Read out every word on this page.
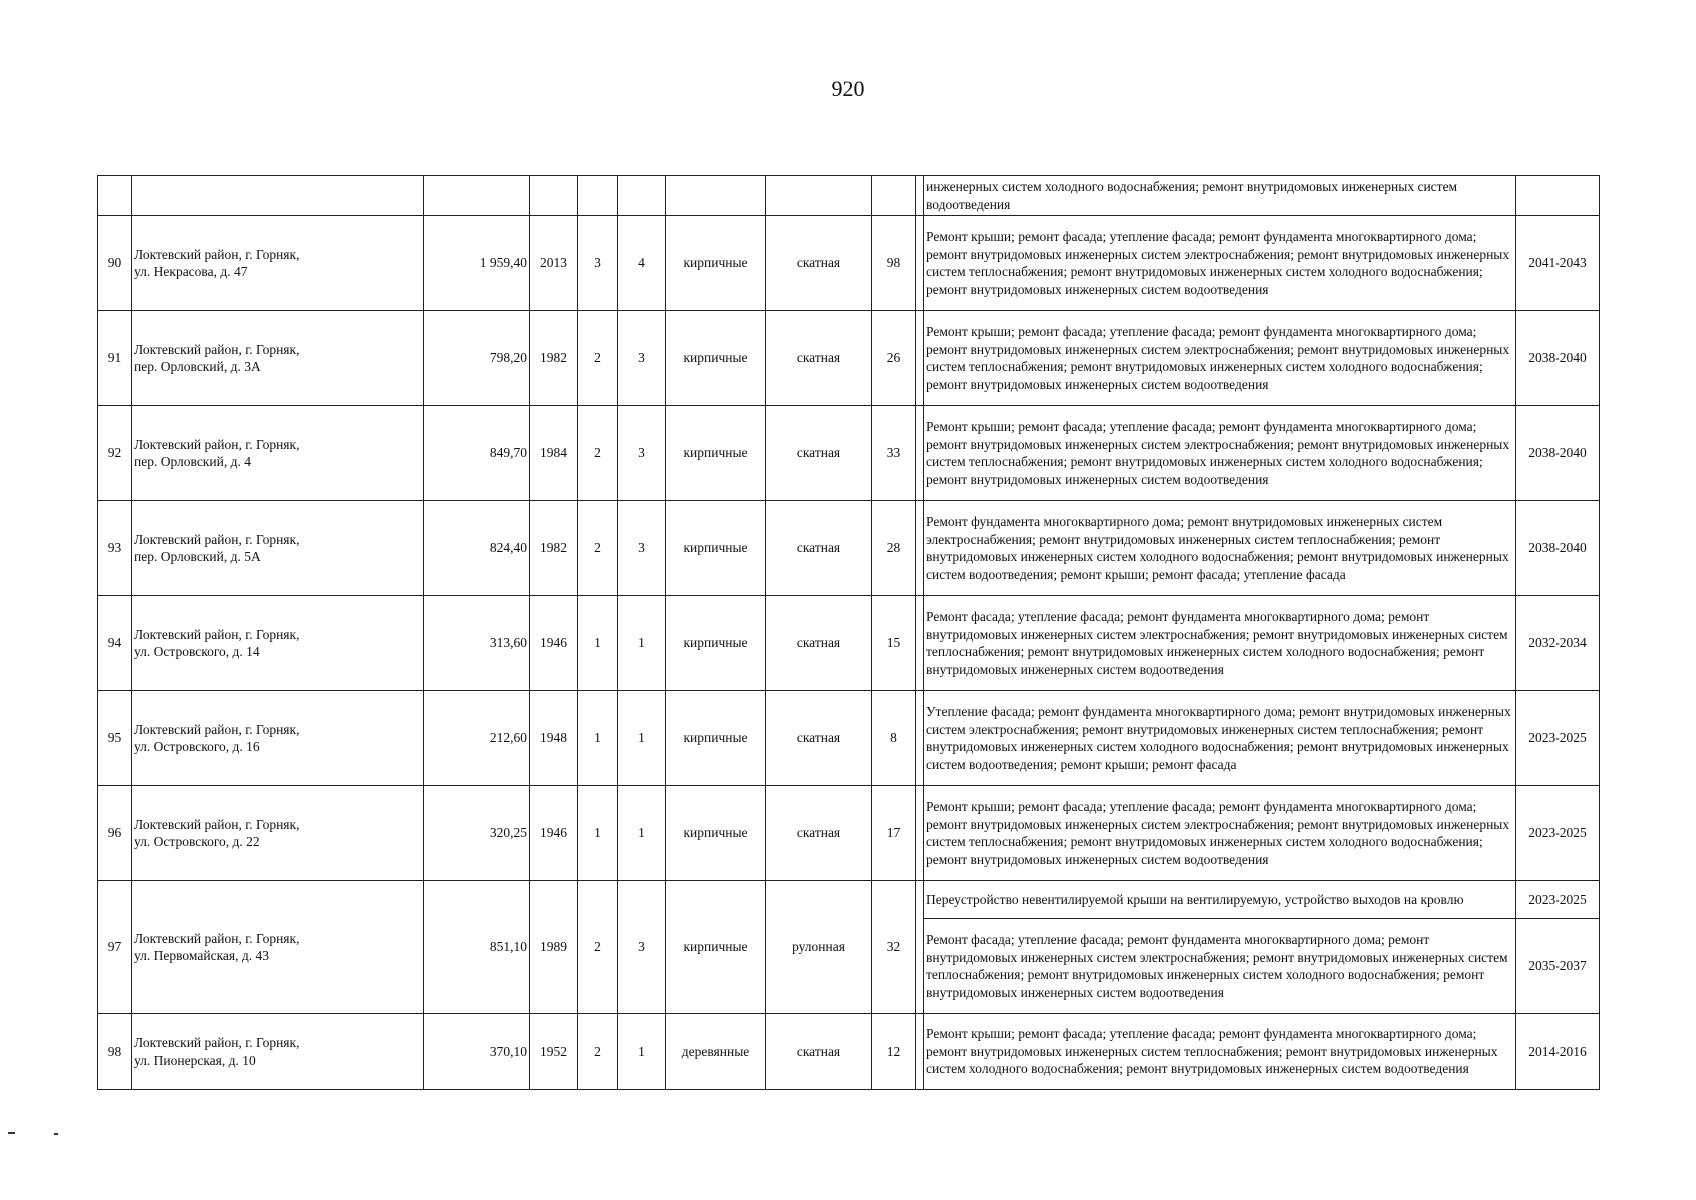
920
										инженерных систем холодного водоснабжения; ремонт внутридомовых инженерных систем водоотведения	
90	Локтевский район, г. Горняк,
ул. Некрасова, д. 47	1 959,40	2013	3	4	кирпичные	скатная	98		Ремонт крыши; ремонт фасада; утепление фасада; ремонт фундамента многоквартирного дома; ремонт внутридомовых инженерных систем электроснабжения; ремонт внутридомовых инженерных систем теплоснабжения; ремонт внутридомовых инженерных систем холодного водоснабжения; ремонт внутридомовых инженерных систем водоотведения	2041-2043
91	Локтевский район, г. Горняк,
пер. Орловский, д. 3А	798,20	1982	2	3	кирпичные	скатная	26		Ремонт крыши; ремонт фасада; утепление фасада; ремонт фундамента многоквартирного дома; ремонт внутридомовых инженерных систем электроснабжения; ремонт внутридомовых инженерных систем теплоснабжения; ремонт внутридомовых инженерных систем холодного водоснабжения; ремонт внутридомовых инженерных систем водоотведения	2038-2040
92	Локтевский район, г. Горняк,
пер. Орловский, д. 4	849,70	1984	2	3	кирпичные	скатная	33		Ремонт крыши; ремонт фасада; утепление фасада; ремонт фундамента многоквартирного дома; ремонт внутридомовых инженерных систем электроснабжения; ремонт внутридомовых инженерных систем теплоснабжения; ремонт внутридомовых инженерных систем холодного водоснабжения; ремонт внутридомовых инженерных систем водоотведения	2038-2040
93	Локтевский район, г. Горняк,
пер. Орловский, д. 5А	824,40	1982	2	3	кирпичные	скатная	28		Ремонт фундамента многоквартирного дома; ремонт внутридомовых инженерных систем электроснабжения; ремонт внутридомовых инженерных систем теплоснабжения; ремонт внутридомовых инженерных систем холодного водоснабжения; ремонт внутридомовых инженерных систем водоотведения; ремонт крыши; ремонт фасада; утепление фасада	2038-2040
94	Локтевский район, г. Горняк,
ул. Островского, д. 14	313,60	1946	1	1	кирпичные	скатная	15		Ремонт фасада; утепление фасада; ремонт фундамента многоквартирного дома; ремонт внутридомовых инженерных систем электроснабжения; ремонт внутридомовых инженерных систем теплоснабжения; ремонт внутридомовых инженерных систем холодного водоснабжения; ремонт внутридомовых инженерных систем водоотведения	2032-2034
95	Локтевский район, г. Горняк,
ул. Островского, д. 16	212,60	1948	1	1	кирпичные	скатная	8		Утепление фасада; ремонт фундамента многоквартирного дома; ремонт внутридомовых инженерных систем электроснабжения; ремонт внутридомовых инженерных систем теплоснабжения; ремонт внутридомовых инженерных систем холодного водоснабжения; ремонт внутридомовых инженерных систем водоотведения; ремонт крыши; ремонт фасада	2023-2025
96	Локтевский район, г. Горняк,
ул. Островского, д. 22	320,25	1946	1	1	кирпичные	скатная	17		Ремонт крыши; ремонт фасада; утепление фасада; ремонт фундамента многоквартирного дома; ремонт внутридомовых инженерных систем электроснабжения; ремонт внутридомовых инженерных систем теплоснабжения; ремонт внутридомовых инженерных систем холодного водоснабжения; ремонт внутридомовых инженерных систем водоотведения	2023-2025
97	Локтевский район, г. Горняк,
ул. Первомайская, д. 43	851,10	1989	2	3	кирпичные	рулонная	32		Переустройство невентилируемой крыши на вентилируемую, устройство выходов на кровлю	2023-2025
										Ремонт фасада; утепление фасада; ремонт фундамента многоквартирного дома; ремонт внутридомовых инженерных систем электроснабжения; ремонт внутридомовых инженерных систем теплоснабжения; ремонт внутридомовых инженерных систем холодного водоснабжения; ремонт внутридомовых инженерных систем водоотведения	2035-2037
98	Локтевский район, г. Горняк,
ул. Пионерская, д. 10	370,10	1952	2	1	деревянные	скатная	12		Ремонт крыши; ремонт фасада; утепление фасада; ремонт фундамента многоквартирного дома; ремонт внутридомовых инженерных систем теплоснабжения; ремонт внутридомовых инженерных систем холодного водоснабжения; ремонт внутридомовых инженерных систем водоотведения	2014-2016
